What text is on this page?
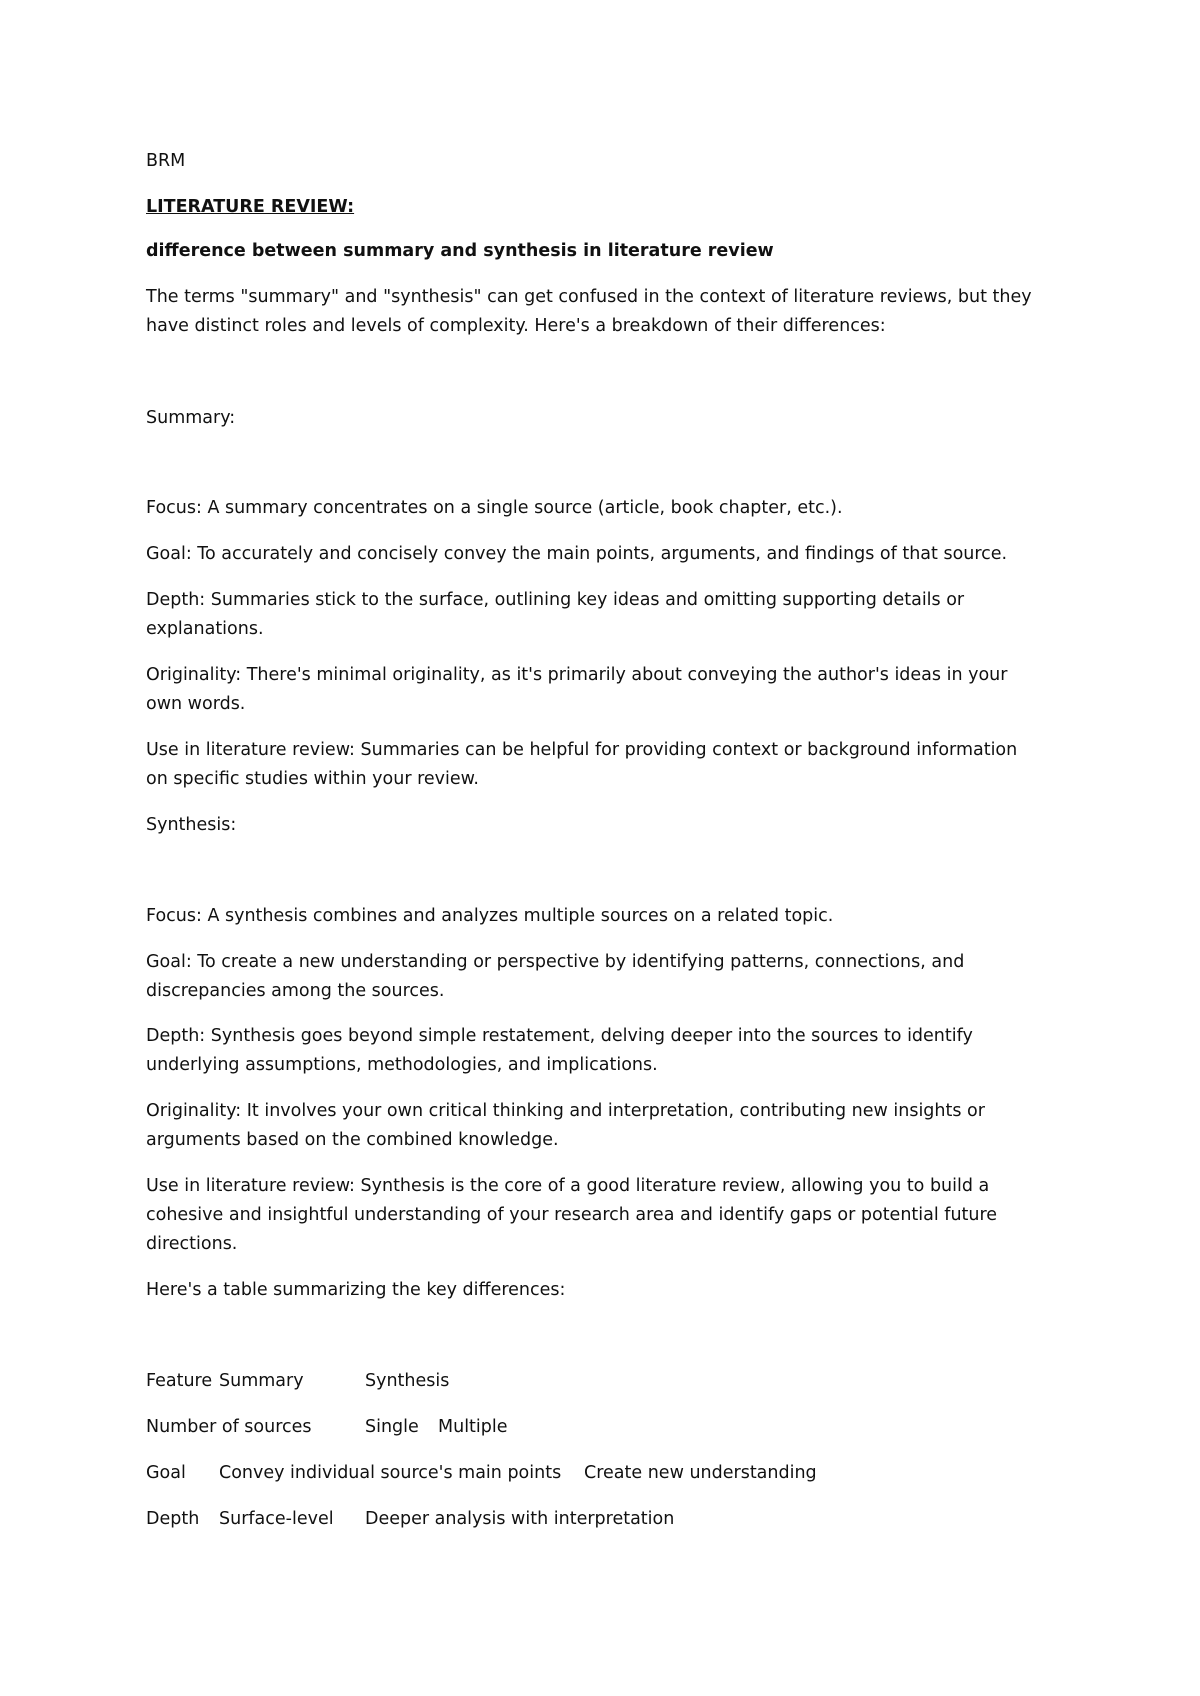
BRM

LITERATURE REVIEW:

difference between summary and synthesis in literature review

The terms "summary" and "synthesis" can get confused in the context of literature reviews, but they

have distinct roles and levels of complexity. Here's a breakdown of their differences:

Summary:

Focus: A summary concentrates on a single source (article, book chapter, etc.).

Goal: To accurately and concisely convey the main points, arguments, and findings of that source.

Depth: Summaries stick to the surface, outlining key ideas and omitting supporting details or

explanations.

Originality: There's minimal originality, as it's primarily about conveying the author's ideas in your

own words.

Use in literature review: Summaries can be helpful for providing context or background information

on specific studies within your review.

Synthesis:

Focus: A synthesis combines and analyzes multiple sources on a related topic.

Goal: To create a new understanding or perspective by identifying patterns, connections, and

discrepancies among the sources.

Depth: Synthesis goes beyond simple restatement, delving deeper into the sources to identify

underlying assumptions, methodologies, and implications.

Originality: It involves your own critical thinking and interpretation, contributing new insights or

arguments based on the combined knowledge.

Use in literature review: Synthesis is the core of a good literature review, allowing you to build a

cohesive and insightful understanding of your research area and identify gaps or potential future

directions.

Here's a table summarizing the key differences:

Feature Summary	Synthesis
Number of sources	Single Multiple
Goal Convey individual source's main points Create new understanding
Depth Surface-level Deeper analysis with interpretation
